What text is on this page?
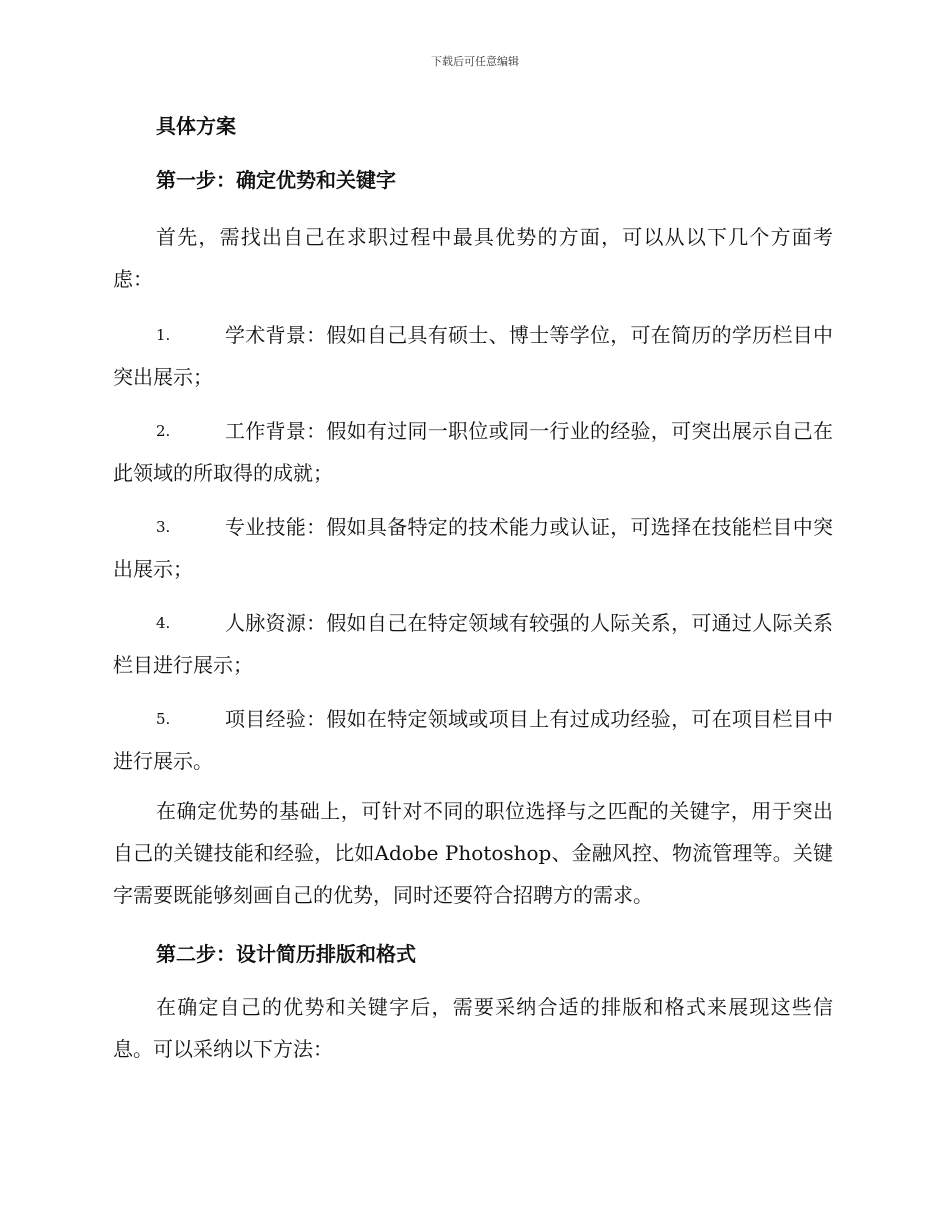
下载后可任意编辑

具体方案

第一步：确定优势和关键字

首先，需找出自己在求职过程中最具优势的方面，可以从以下几个方面考虑：

1.	学术背景：假如自己具有硕士、博士等学位，可在简历的学历栏目中突出展示；
2.	工作背景：假如有过同一职位或同一行业的经验，可突出展示自己在此领域的所取得的成就；
3.	专业技能：假如具备特定的技术能力或认证，可选择在技能栏目中突出展示；
4.	人脉资源：假如自己在特定领域有较强的人际关系，可通过人际关系栏目进行展示；
5.	项目经验：假如在特定领域或项目上有过成功经验，可在项目栏目中进行展示。

在确定优势的基础上，可针对不同的职位选择与之匹配的关键字，用于突出自己的关键技能和经验，比如Adobe Photoshop、金融风控、物流管理等。关键字需要既能够刻画自己的优势，同时还要符合招聘方的需求。

第二步：设计简历排版和格式

在确定自己的优势和关键字后，需要采纳合适的排版和格式来展现这些信息。可以采纳以下方法：
